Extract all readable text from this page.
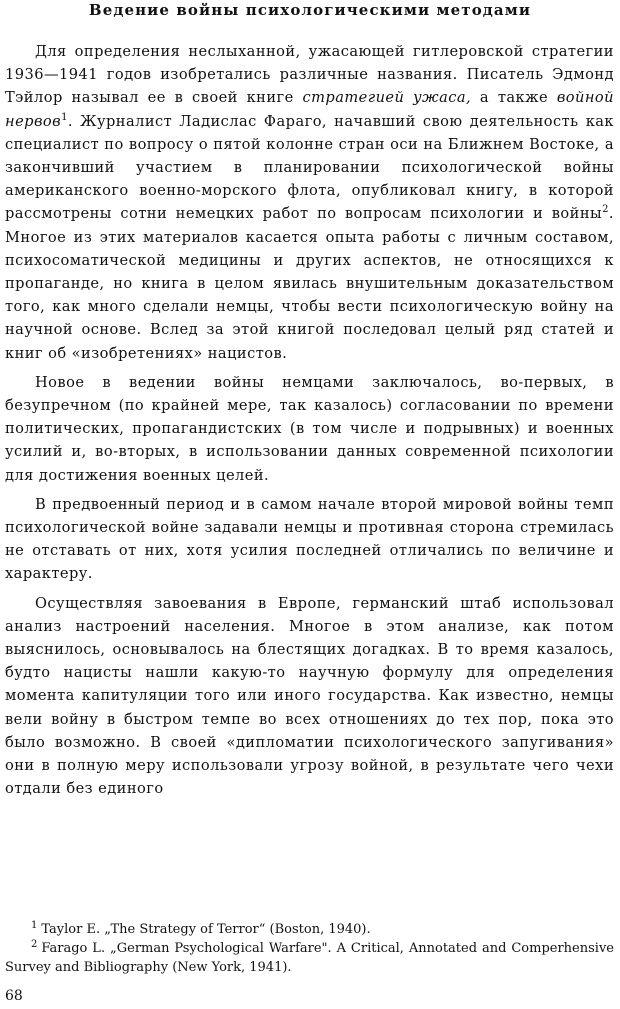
Ведение войны психологическими методами

Для определения неслыханной, ужасающей гитлеровской стратегии 1936—1941 годов изобретались различные названия. Писатель Эдмонд Тэйлор называл ее в своей книге стратегией ужаса, а также войной нервов$^1$. Журналист Ладислас Фараго, начавший свою деятельность как специалист по вопросу о пятой колонне стран оси на Ближнем Востоке, а закончивший участием в планировании психологической войны американского военно-морского флота, опубликовал книгу, в которой рассмотрены сотни немецких работ по вопросам психологии и войны$^2$. Многое из этих материалов касается опыта работы с личным составом, психосоматической медицины и других аспектов, не относящихся к пропаганде, но книга в целом явилась внушительным доказательством того, как много сделали немцы, чтобы вести психологическую войну на научной основе. Вслед за этой книгой последовал целый ряд статей и книг об «изобретениях» нацистов.

Новое в ведении войны немцами заключалось, во-первых, в безупречном (по крайней мере, так казалось) согласовании по времени политических, пропагандистских (в том числе и подрывных) и военных усилий и, во-вторых, в использовании данных современной психологии для достижения военных целей.

В предвоенный период и в самом начале второй мировой войны темп психологической войне задавали немцы и противная сторона стремилась не отставать от них, хотя усилия последней отличались по величине и характеру.

Осуществляя завоевания в Европе, германский штаб использовал анализ настроений населения. Многое в этом анализе, как потом выяснилось, основывалось на блестящих догадках. В то время казалось, будто нацисты нашли какую-то научную формулу для определения момента капитуляции того или иного государства. Как известно, немцы вели войну в быстром темпе во всех отношениях до тех пор, пока это было возможно. В своей «дипломатии психологического запугивания» они в полную меру использовали угрозу войной, в результате чего чехи отдали без единого

$^1$ Taylor E. „The Strategy of Terror“ (Boston, 1940).
$^2$ Farago L. „German Psychological Warfare". A Critical, Annotated and Comperhensive Survey and Bibliography (New York, 1941).
68
